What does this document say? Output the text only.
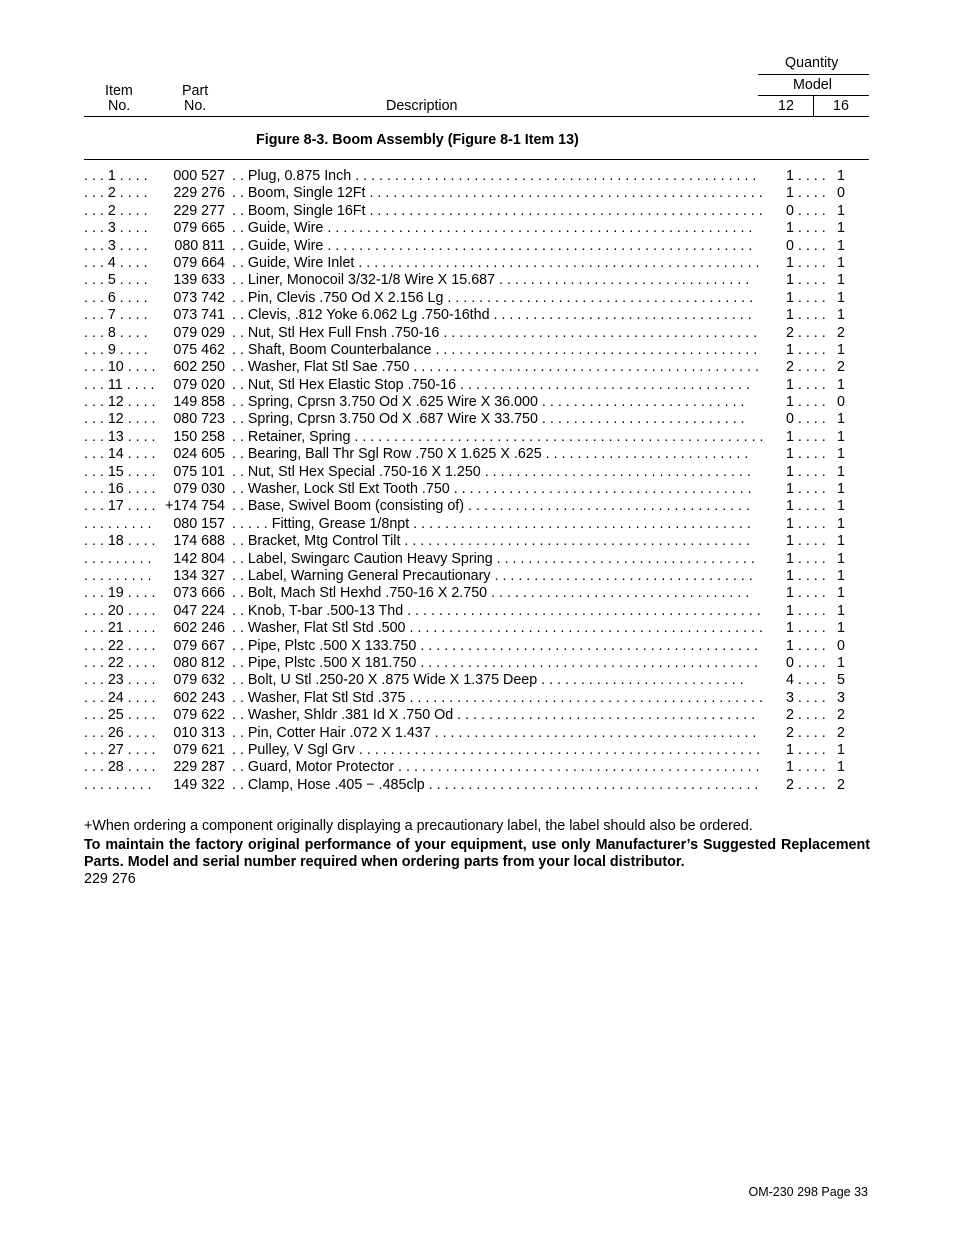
Quantity
Model
12	16
Item
No.
Part
No.	Description
Figure 8-3. Boom Assembly (Figure 8-1 Item 13)
. . . 1 . . . . 000 527 . . Plug, 0.875 Inch . . . . . . . . . . . . . . . . . . . . . . . . . . . . . . . . . . . . . . . . . . . . . . . . . . .	1 . . . . 1
. . . 2 . . . . 229 276 . . Boom, Single 12Ft . . . . . . . . . . . . . . . . . . . . . . . . . . . . . . . . . . . . . . . . . . . . . . . . . .	1 . . . . 0
. . . 2 . . . . 229 277 . . Boom, Single 16Ft . . . . . . . . . . . . . . . . . . . . . . . . . . . . . . . . . . . . . . . . . . . . . . . . . .	0 . . . . 1
. . . 3 . . . . 079 665 . . Guide, Wire . . . . . . . . . . . . . . . . . . . . . . . . . . . . . . . . . . . . . . . . . . . . . . . . . . . . . .	1 . . . . 1
. . . 3 . . . . 080 811 . . Guide, Wire . . . . . . . . . . . . . . . . . . . . . . . . . . . . . . . . . . . . . . . . . . . . . . . . . . . . . .	0 . . . . 1
. . . 4 . . . . 079 664 . . Guide, Wire Inlet . . . . . . . . . . . . . . . . . . . . . . . . . . . . . . . . . . . . . . . . . . . . . . . . . . .	1 . . . . 1
. . . 5 . . . . 139 633 . . Liner, Monocoil 3/32-1/8 Wire X 15.687 . . . . . . . . . . . . . . . . . . . . . . . . . . . . . . . .	1 . . . . 1
. . . 6 . . . . 073 742 . . Pin, Clevis .750 Od X 2.156 Lg . . . . . . . . . . . . . . . . . . . . . . . . . . . . . . . . . . . . . . .	1 . . . . 1
. . . 7 . . . . 073 741 . . Clevis, .812 Yoke 6.062 Lg .750-16thd . . . . . . . . . . . . . . . . . . . . . . . . . . . . . . . . .	1 . . . . 1
. . . 8 . . . . 079 029 . . Nut, Stl Hex Full Fnsh .750-16 . . . . . . . . . . . . . . . . . . . . . . . . . . . . . . . . . . . . . . . .	2 . . . . 2
. . . 9 . . . . 075 462 . . Shaft, Boom Counterbalance . . . . . . . . . . . . . . . . . . . . . . . . . . . . . . . . . . . . . . . . .	1 . . . . 1
. . . 10 . . . . 602 250 . . Washer, Flat Stl Sae .750 . . . . . . . . . . . . . . . . . . . . . . . . . . . . . . . . . . . . . . . . . . . .	2 . . . . 2
. . . 11 . . . . 079 020 . . Nut, Stl Hex Elastic Stop .750-16 . . . . . . . . . . . . . . . . . . . . . . . . . . . . . . . . . . . . .	1 . . . . 1
. . . 12 . . . . 149 858 . . Spring, Cprsn 3.750 Od X .625 Wire X 36.000 . . . . . . . . . . . . . . . . . . . . . . . . . .	1 . . . . 0
. . . 12 . . . . 080 723 . . Spring, Cprsn 3.750 Od X .687 Wire X 33.750 . . . . . . . . . . . . . . . . . . . . . . . . . .	0 . . . . 1
. . . 13 . . . . 150 258 . . Retainer, Spring . . . . . . . . . . . . . . . . . . . . . . . . . . . . . . . . . . . . . . . . . . . . . . . . . . . .	1 . . . . 1
. . . 14 . . . . 024 605 . . Bearing, Ball Thr Sgl Row .750 X 1.625 X .625 . . . . . . . . . . . . . . . . . . . . . . . . . .	1 . . . . 1
. . . 15 . . . . 075 101 . . Nut, Stl Hex Special .750-16 X 1.250 . . . . . . . . . . . . . . . . . . . . . . . . . . . . . . . . . .	1 . . . . 1
. . . 16 . . . . 079 030 . . Washer, Lock Stl Ext Tooth .750 . . . . . . . . . . . . . . . . . . . . . . . . . . . . . . . . . . . . . .	1 . . . . 1
. . . 17 . . . . +174 754 . . Base, Swivel Boom (consisting of) . . . . . . . . . . . . . . . . . . . . . . . . . . . . . . . . . . . .	1 . . . . 1
. . . . . . . . . 080 157 . . . . . Fitting, Grease 1/8npt . . . . . . . . . . . . . . . . . . . . . . . . . . . . . . . . . . . . . . . . . . .	1 . . . . 1
. . . 18 . . . . 174 688 . . Bracket, Mtg Control Tilt . . . . . . . . . . . . . . . . . . . . . . . . . . . . . . . . . . . . . . . . . . . .	1 . . . . 1
. . . . . . . . . 142 804 . . Label, Swingarc Caution Heavy Spring . . . . . . . . . . . . . . . . . . . . . . . . . . . . . . . . .	1 . . . . 1
. . . . . . . . . 134 327 . . Label, Warning General Precautionary . . . . . . . . . . . . . . . . . . . . . . . . . . . . . . . . .	1 . . . . 1
. . . 19 . . . . 073 666 . . Bolt, Mach Stl Hexhd .750-16 X 2.750 . . . . . . . . . . . . . . . . . . . . . . . . . . . . . . . . .	1 . . . . 1
. . . 20 . . . . 047 224 . . Knob, T-bar .500-13 Thd . . . . . . . . . . . . . . . . . . . . . . . . . . . . . . . . . . . . . . . . . . . . .	1 . . . . 1
. . . 21 . . . . 602 246 . . Washer, Flat Stl Std .500 . . . . . . . . . . . . . . . . . . . . . . . . . . . . . . . . . . . . . . . . . . . . .	1 . . . . 1
. . . 22 . . . . 079 667 . . Pipe, Plstc .500 X 133.750 . . . . . . . . . . . . . . . . . . . . . . . . . . . . . . . . . . . . . . . . . . .	1 . . . . 0
. . . 22 . . . . 080 812 . . Pipe, Plstc .500 X 181.750 . . . . . . . . . . . . . . . . . . . . . . . . . . . . . . . . . . . . . . . . . . .	0 . . . . 1
. . . 23 . . . . 079 632 . . Bolt, U Stl .250-20 X .875 Wide X 1.375 Deep . . . . . . . . . . . . . . . . . . . . . . . . . .	4 . . . . 5
. . . 24 . . . . 602 243 . . Washer, Flat Stl Std .375 . . . . . . . . . . . . . . . . . . . . . . . . . . . . . . . . . . . . . . . . . . . . .	3 . . . . 3
. . . 25 . . . . 079 622 . . Washer, Shldr .381 Id X .750 Od . . . . . . . . . . . . . . . . . . . . . . . . . . . . . . . . . . . . . .	2 . . . . 2
. . . 26 . . . . 010 313 . . Pin, Cotter Hair .072 X 1.437 . . . . . . . . . . . . . . . . . . . . . . . . . . . . . . . . . . . . . . . . .	2 . . . . 2
. . . 27 . . . . 079 621 . . Pulley, V Sgl Grv . . . . . . . . . . . . . . . . . . . . . . . . . . . . . . . . . . . . . . . . . . . . . . . . . . .	1 . . . . 1
. . . 28 . . . . 229 287 . . Guard, Motor Protector . . . . . . . . . . . . . . . . . . . . . . . . . . . . . . . . . . . . . . . . . . . . . .	1 . . . . 1
. . . . . . . . . 149 322 . . Clamp, Hose .405 − .485clp . . . . . . . . . . . . . . . . . . . . . . . . . . . . . . . . . . . . . . . . . .	2 . . . . 2
+When ordering a component originally displaying a precautionary label, the label should also be ordered.
To maintain the factory original performance of your equipment, use only Manufacturer’s Suggested Replacement Parts. Model and serial number required when ordering parts from your local distributor.
229 276
OM-230 298 Page 33
